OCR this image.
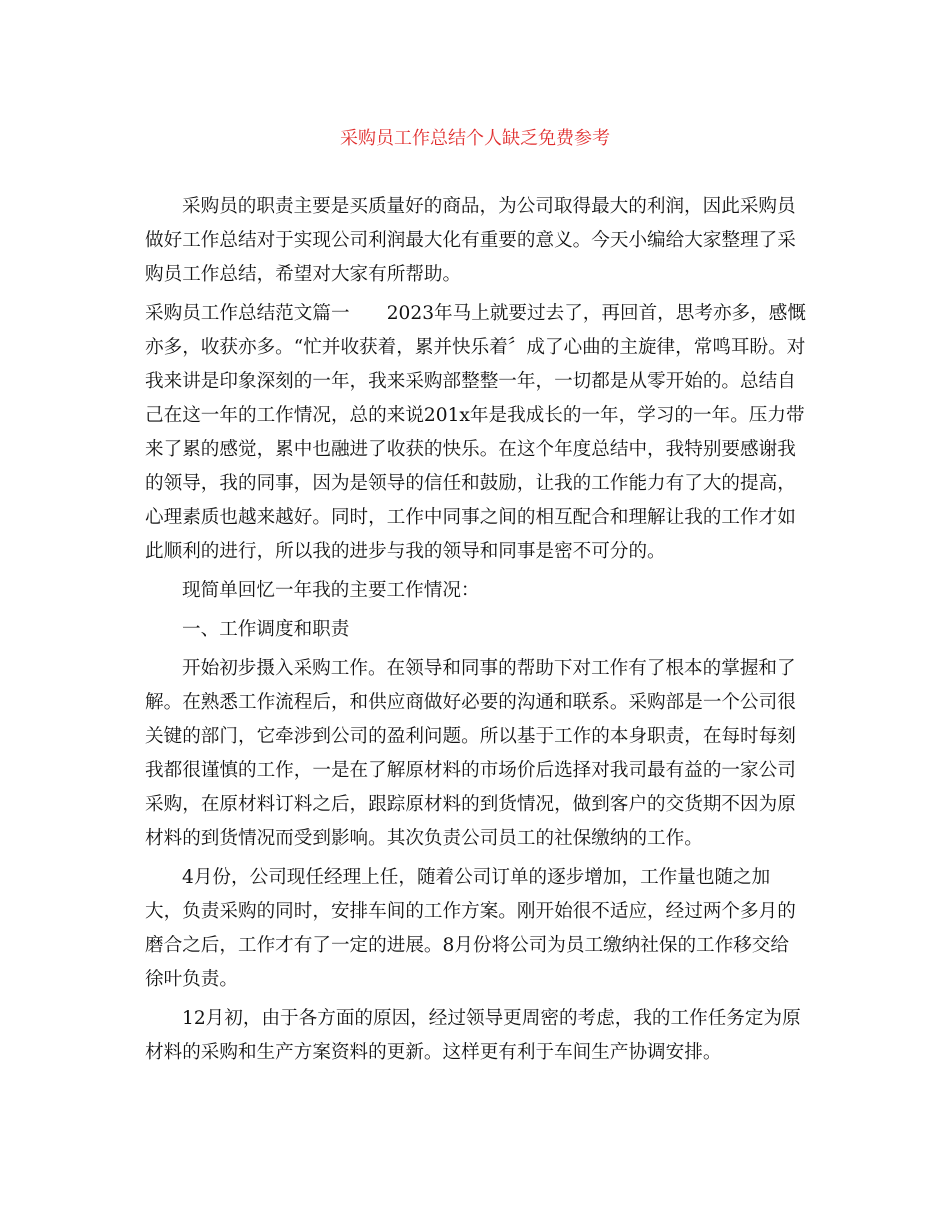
采购员工作总结个人缺乏免费参考
采购员的职责主要是买质量好的商品，为公司取得最大的利润，因此采购员
做好工作总结对于实现公司利润最大化有重要的意义。今天小编给大家整理了采
购员工作总结，希望对大家有所帮助。
采购员工作总结范文篇一　　2023年马上就要过去了，再回首，思考亦多，感慨
亦多，收获亦多。“忙并收获着，累并快乐着〞成了心曲的主旋律，常鸣耳盼。对
我来讲是印象深刻的一年，我来采购部整整一年，一切都是从零开始的。总结自
己在这一年的工作情况，总的来说201x年是我成长的一年，学习的一年。压力带
来了累的感觉，累中也融进了收获的快乐。在这个年度总结中，我特别要感谢我
的领导，我的同事，因为是领导的信任和鼓励，让我的工作能力有了大的提高，
心理素质也越来越好。同时，工作中同事之间的相互配合和理解让我的工作才如
此顺利的进行，所以我的进步与我的领导和同事是密不可分的。
现简单回忆一年我的主要工作情况：
一、工作调度和职责
开始初步摄入采购工作。在领导和同事的帮助下对工作有了根本的掌握和了
解。在熟悉工作流程后，和供应商做好必要的沟通和联系。采购部是一个公司很
关键的部门，它牵涉到公司的盈利问题。所以基于工作的本身职责，在每时每刻
我都很谨慎的工作，一是在了解原材料的市场价后选择对我司最有益的一家公司
采购，在原材料订料之后，跟踪原材料的到货情况，做到客户的交货期不因为原
材料的到货情况而受到影响。其次负责公司员工的社保缴纳的工作。
4月份，公司现任经理上任，随着公司订单的逐步增加，工作量也随之加
大，负责采购的同时，安排车间的工作方案。刚开始很不适应，经过两个多月的
磨合之后，工作才有了一定的进展。8月份将公司为员工缴纳社保的工作移交给
徐叶负责。
12月初，由于各方面的原因，经过领导更周密的考虑，我的工作任务定为原
材料的采购和生产方案资料的更新。这样更有利于车间生产协调安排。
